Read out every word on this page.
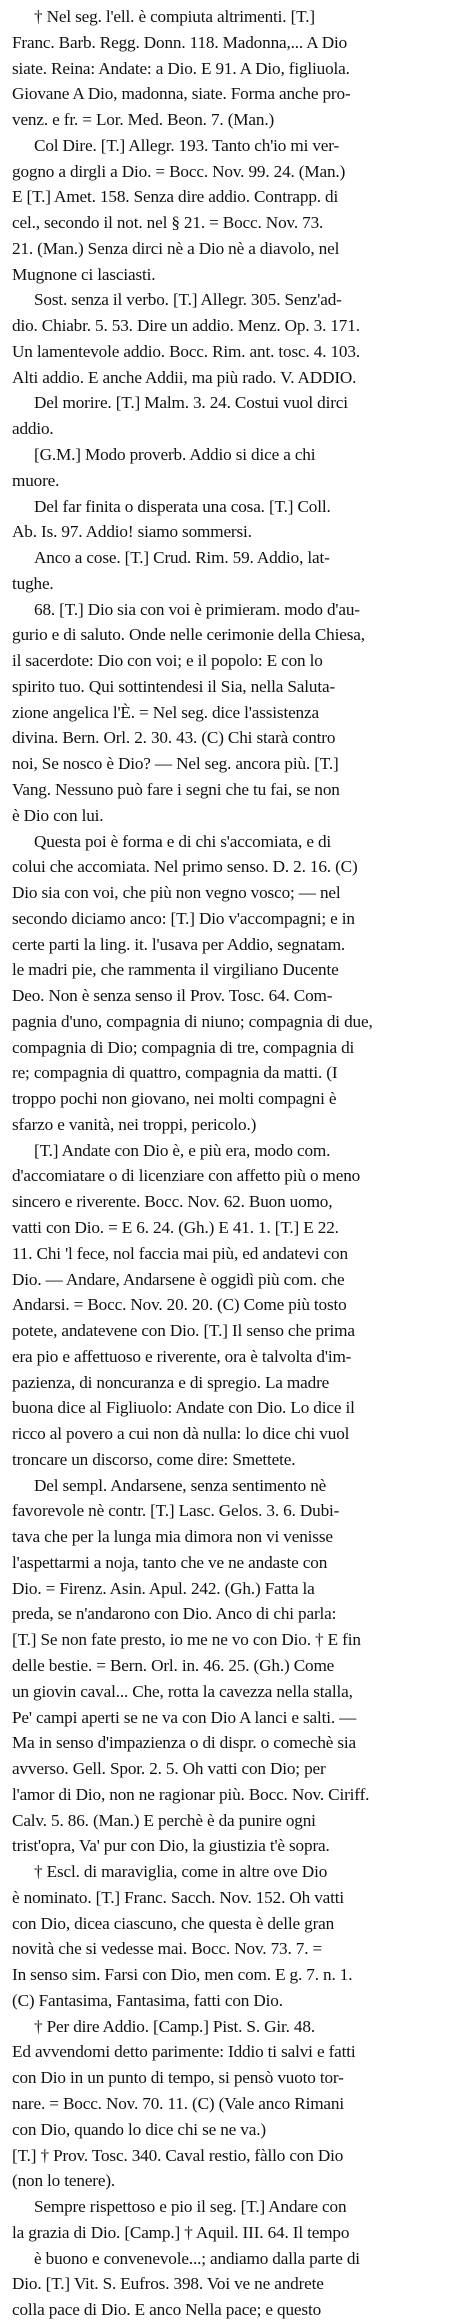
† Nel seg. l'ell. è compiuta altrimenti. [T.]
Franc. Barb. Regg. Donn. 118. Madonna,... A Dio
siate. Reina: Andate: a Dio. E 91. A Dio, figliuola.
Giovane A Dio, madonna, siate. Forma anche pro-
venz. e fr. = Lor. Med. Beon. 7. (Man.)
Col Dire. [T.] Allegr. 193. Tanto ch'io mi ver-
gogno a dirgli a Dio. = Bocc. Nov. 99. 24. (Man.)
E [T.] Amet. 158. Senza dire addio. Contrapp. di
cel., secondo il not. nel § 21. = Bocc. Nov. 73.
21. (Man.) Senza dirci nè a Dio nè a diavolo, nel
Mugnone ci lasciasti.
Sost. senza il verbo. [T.] Allegr. 305. Senz'ad-
dio. Chiabr. 5. 53. Dire un addio. Menz. Op. 3. 171.
Un lamentevole addio. Bocc. Rim. ant. tosc. 4. 103.
Alti addio. E anche Addii, ma più rado. V. ADDIO.
Del morire. [T.] Malm. 3. 24. Costui vuol dirci
addio.
[G.M.] Modo proverb. Addio si dice a chi
muore.
Del far finita o disperata una cosa. [T.] Coll.
Ab. Is. 97. Addio! siamo sommersi.
Anco a cose. [T.] Crud. Rim. 59. Addio, lat-
tughe.
68. [T.] Dio sia con voi è primieram. modo d'au-
gurio e di saluto. Onde nelle cerimonie della Chiesa,
il sacerdote: Dio con voi; e il popolo: E con lo
spirito tuo. Qui sottintendesi il Sia, nella Saluta-
zione angelica l'È. = Nel seg. dice l'assistenza
divina. Bern. Orl. 2. 30. 43. (C) Chi starà contro
noi, Se nosco è Dio? — Nel seg. ancora più. [T.]
Vang. Nessuno può fare i segni che tu fai, se non
è Dio con lui.
Questa poi è forma e di chi s'accomiata, e di
colui che accomiata. Nel primo senso. D. 2. 16. (C)
Dio sia con voi, che più non vegno vosco; — nel
secondo diciamo anco: [T.] Dio v'accompagni; e in
certe parti la ling. it. l'usava per Addio, segnatam.
le madri pie, che rammenta il virgiliano Ducente
Deo. Non è senza senso il Prov. Tosc. 64. Com-
pagnia d'uno, compagnia di niuno; compagnia di due,
compagnia di Dio; compagnia di tre, compagnia di
re; compagnia di quattro, compagnia da matti. (I
troppo pochi non giovano, nei molti compagni è
sfarzo e vanità, nei troppi, pericolo.)
[T.] Andate con Dio è, e più era, modo com.
d'accomiatare o di licenziare con affetto più o meno
sincero e riverente. Bocc. Nov. 62. Buon uomo,
vatti con Dio. = E 6. 24. (Gh.) E 41. 1. [T.] E 22.
11. Chi 'l fece, nol faccia mai più, ed andatevi con
Dio. — Andare, Andarsene è oggidì più com. che
Andarsi. = Bocc. Nov. 20. 20. (C) Come più tosto
potete, andatevene con Dio. [T.] Il senso che prima
era pio e affettuoso e riverente, ora è talvolta d'im-
pazienza, di noncuranza e di spregio. La madre
buona dice al Figliuolo: Andate con Dio. Lo dice il
ricco al povero a cui non dà nulla: lo dice chi vuol
troncare un discorso, come dire: Smettete.
Del sempl. Andarsene, senza sentimento nè
favorevole nè contr. [T.] Lasc. Gelos. 3. 6. Dubi-
tava che per la lunga mia dimora non vi venisse
l'aspettarmi a noja, tanto che ve ne andaste con
Dio. = Firenz. Asin. Apul. 242. (Gh.) Fatta la
preda, se n'andarono con Dio. Anco di chi parla:
[T.] Se non fate presto, io me ne vo con Dio. † E fin
delle bestie. = Bern. Orl. in. 46. 25. (Gh.) Come
un giovin caval... Che, rotta la cavezza nella stalla,
Pe' campi aperti se ne va con Dio A lanci e salti. —
Ma in senso d'impazienza o di dispr. o comechè sia
avverso. Gell. Spor. 2. 5. Oh vatti con Dio; per
l'amor di Dio, non ne ragionar più. Bocc. Nov. Ciriff.
Calv. 5. 86. (Man.) E perchè è da punire ogni
trist'opra, Va' pur con Dio, la giustizia t'è sopra.
† Escl. di maraviglia, come in altre ove Dio
è nominato. [T.] Franc. Sacch. Nov. 152. Oh vatti
con Dio, dicea ciascuno, che questa è delle gran
novità che si vedesse mai. Bocc. Nov. 73. 7. =
In senso sim. Farsi con Dio, men com. E g. 7. n. 1.
(C) Fantasima, Fantasima, fatti con Dio.
† Per dire Addio. [Camp.] Pist. S. Gir. 48.
Ed avvendomi detto parimente: Iddio ti salvi e fatti
con Dio in un punto di tempo, si pensò vuoto tor-
nare. = Bocc. Nov. 70. 11. (C) (Vale anco Rimani
con Dio, quando lo dice chi se ne va.)
[T.] † Prov. Tosc. 340. Caval restio, fàllo con Dio
(non lo tenere).
Sempre rispettoso e pio il seg. [T.] Andare con
la grazia di Dio. [Camp.] † Aquil. III. 64. Il tempo
è buono e convenevole...; andiamo dalla parte di
Dio. [T.] Vit. S. Eufros. 398. Voi ve ne andrete
colla pace di Dio. E anco Nella pace; e questo
